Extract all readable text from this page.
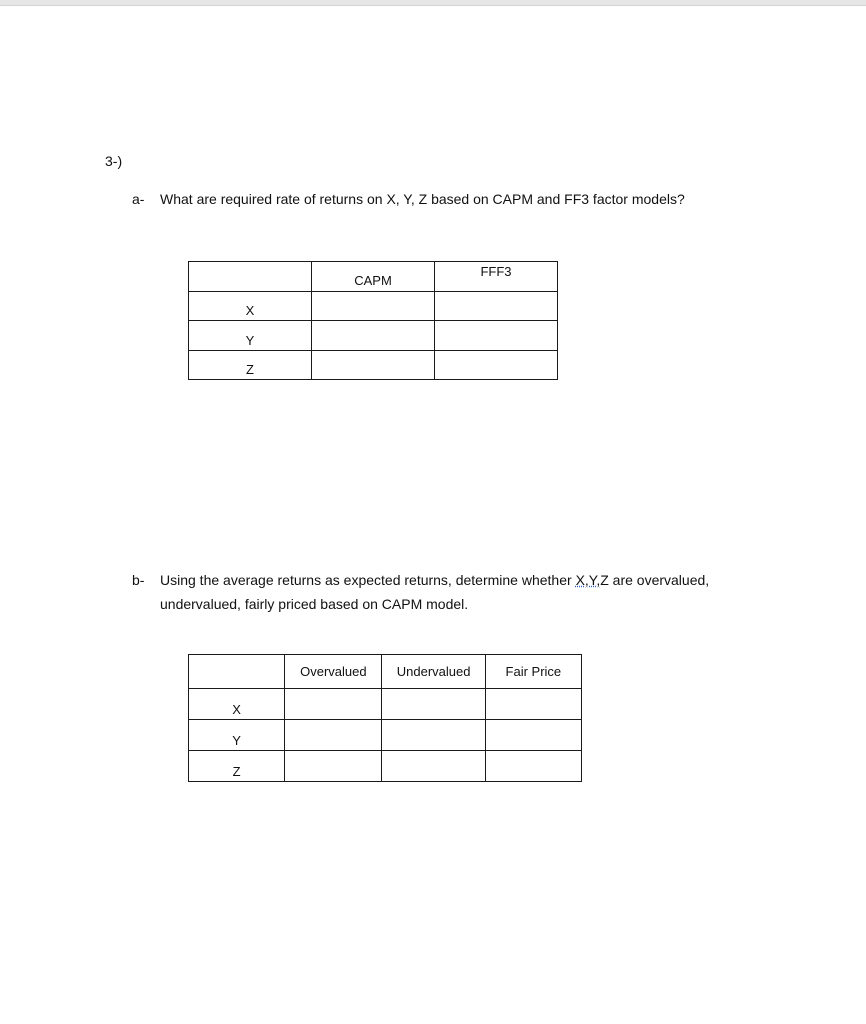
3-)
a- What are required rate of returns on X, Y, Z based on CAPM and FF3 factor models?
	CAPM	FFF3
X		
Y		
Z		
b- Using the average returns as expected returns, determine whether X,Y,Z are overvalued, undervalued, fairly priced based on CAPM model.
	Overvalued	Undervalued	Fair Price
X			
Y			
Z			
